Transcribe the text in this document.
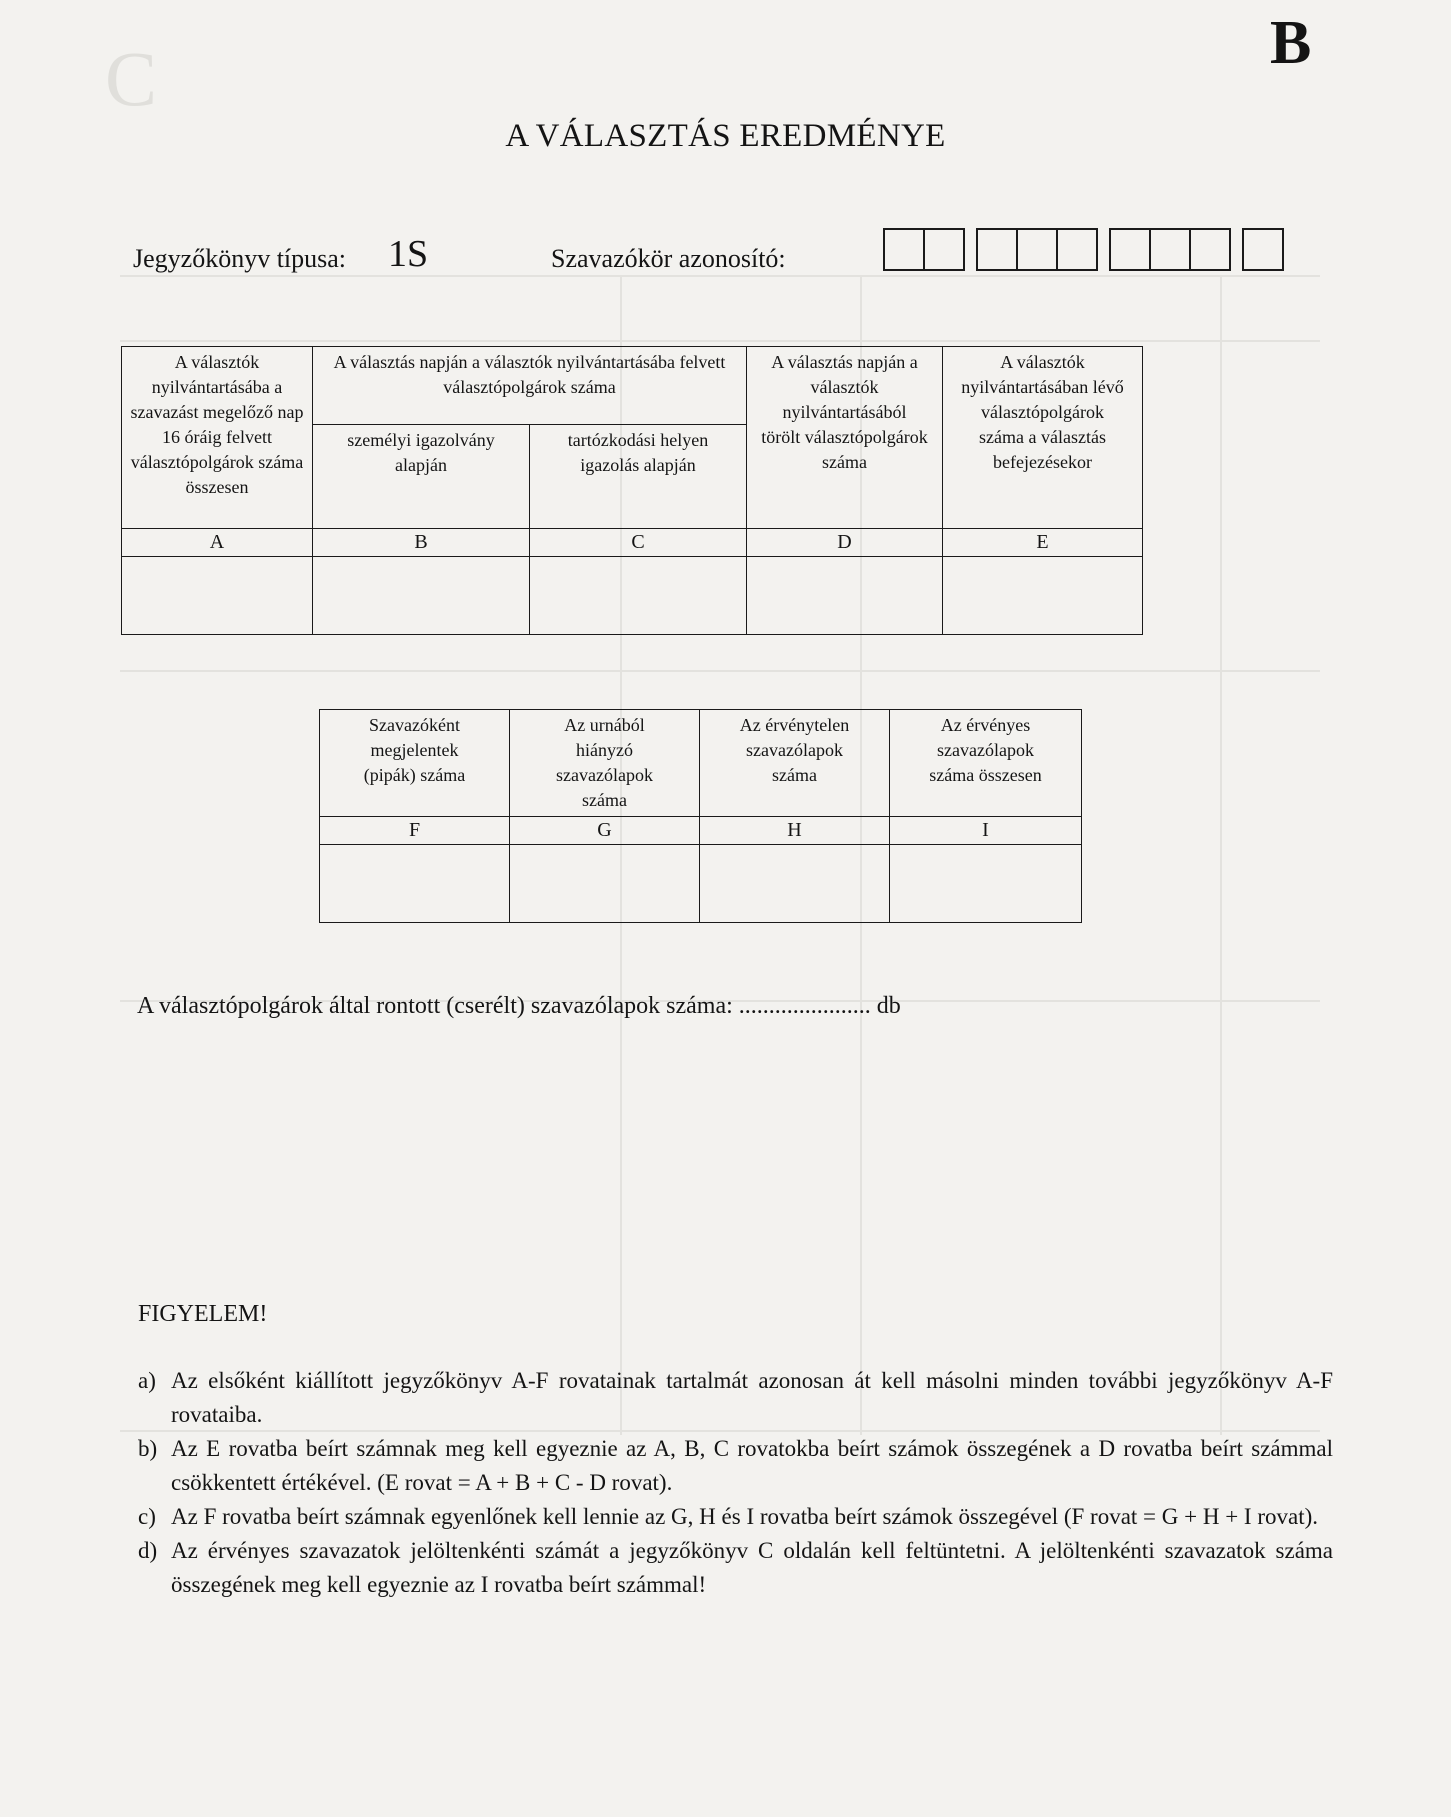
C	B
A VÁLASZTÁS EREDMÉNYE
Jegyzőkönyv típusa: 1S	Szavazókör azonosító:
A választók nyilvántartásába a szavazást megelőző nap 16 óráig felvett választópolgárok száma összesen	A választás napján a választók nyilvántartásába felvett választópolgárok száma		A választás napján a választók nyilvántartásából törölt választópolgárok száma	A választók nyilvántartásában lévő választópolgárok száma a választás befejezésekor
	személyi igazolvány alapján	tartózkodási helyen igazolás alapján		
A	B	C	D	E

Szavazóként megjelentek (pipák) száma	Az urnából hiányzó szavazólapok száma	Az érvénytelen szavazólapok száma	Az érvényes szavazólapok száma összesen
F	G	H	I

A választópolgárok által rontott (cserélt) szavazólapok száma: ...................... db
FIGYELEM!
a) Az elsőként kiállított jegyzőkönyv A-F rovatainak tartalmát azonosan át kell másolni minden további jegyzőkönyv A-F rovataiba.
b) Az E rovatba beírt számnak meg kell egyeznie az A, B, C rovatokba beírt számok összegének a D rovatba beírt számmal csökkentett értékével. (E rovat = A + B + C - D rovat).
c) Az F rovatba beírt számnak egyenlőnek kell lennie az G, H és I rovatba beírt számok összegével (F rovat = G + H + I rovat).
d) Az érvényes szavazatok jelöltenkénti számát a jegyzőkönyv C oldalán kell feltüntetni. A jelöltenkénti szavazatok száma összegének meg kell egyeznie az I rovatba beírt számmal!
